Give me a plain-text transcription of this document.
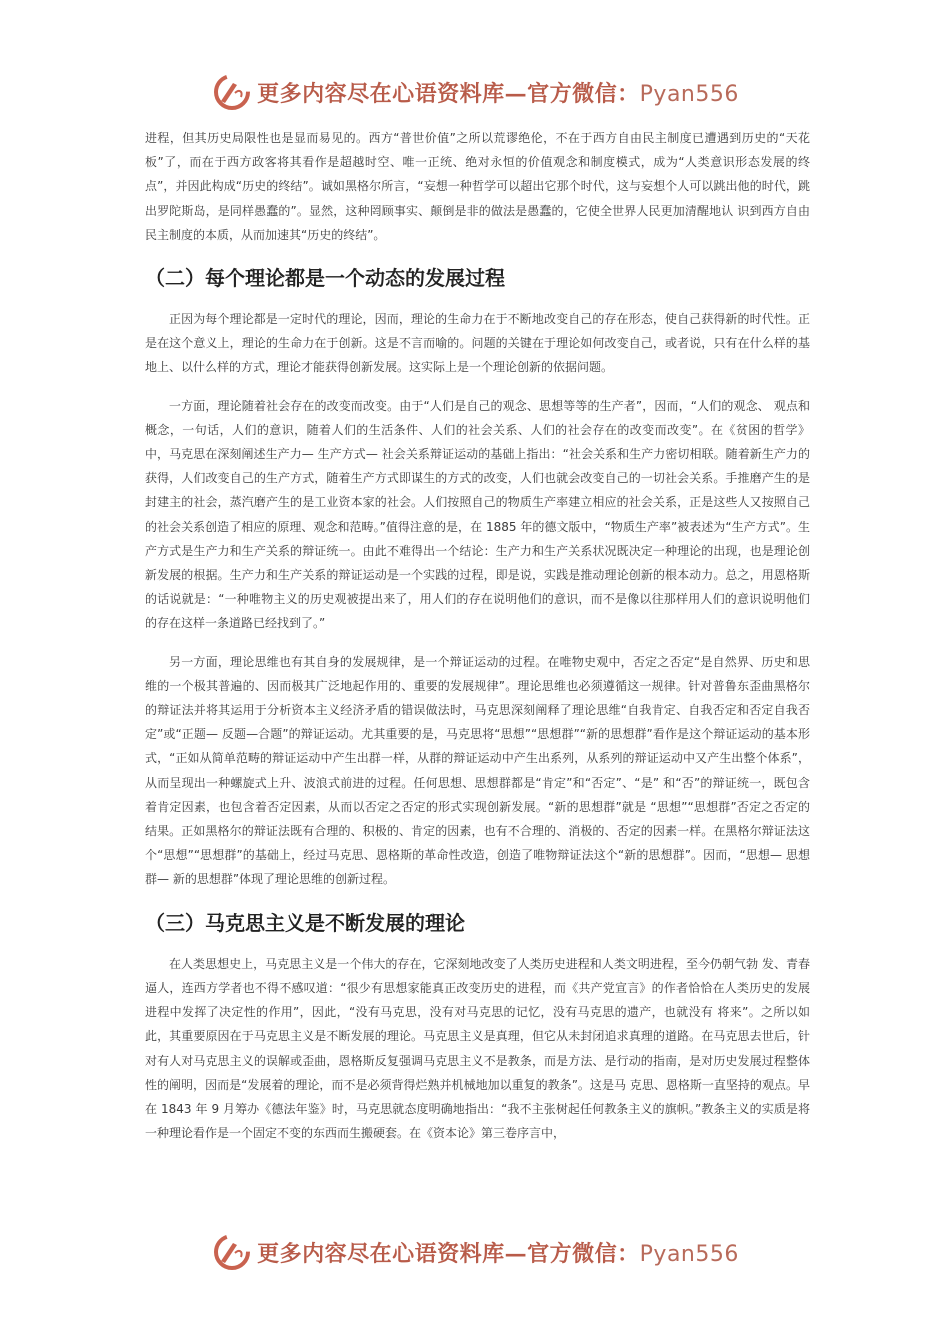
更多内容尽在心语资料库—官方微信：Pyan556

进程，但其历史局限性也是显而易见的。西方“普世价值”之所以荒谬绝伦，不在于西方自由民主制度已遭遇到历史的“天花板”了，而在于西方政客将其看作是超越时空、唯一正统、绝对永恒的价值观念和制度模式，成为“人类意识形态发展的终点”，并因此构成“历史的终结”。诚如黑格尔所言，“妄想一种哲学可以超出它那个时代，这与妄想个人可以跳出他的时代，跳出罗陀斯岛，是同样愚蠢的”。显然，这种罔顾事实、颠倒是非的做法是愚蠢的，它使全世界人民更加清醒地认 识到西方自由民主制度的本质，从而加速其“历史的终结”。

（二）每个理论都是一个动态的发展过程

正因为每个理论都是一定时代的理论，因而，理论的生命力在于不断地改变自己的存在形态，使自己获得新的时代性。正是在这个意义上，理论的生命力在于创新。这是不言而喻的。问题的关键在于理论如何改变自己，或者说，只有在什么样的基地上、以什么样的方式，理论才能获得创新发展。这实际上是一个理论创新的依据问题。

一方面，理论随着社会存在的改变而改变。由于“人们是自己的观念、思想等等的生产者”，因而，“人们的观念、 观点和概念，一句话，人们的意识，随着人们的生活条件、人们的社会关系、人们的社会存在的改变而改变”。在《贫困的哲学》中，马克思在深刻阐述生产力— 生产方式— 社会关系辩证运动的基础上指出：“社会关系和生产力密切相联。随着新生产力的获得，人们改变自己的生产方式，随着生产方式即谋生的方式的改变，人们也就会改变自己的一切社会关系。手推磨产生的是封建主的社会，蒸汽磨产生的是工业资本家的社会。人们按照自己的物质生产率建立相应的社会关系，正是这些人又按照自己的社会关系创造了相应的原理、观念和范畴。”值得注意的是，在 1885 年的德文版中，“物质生产率”被表述为“生产方式”。生产方式是生产力和生产关系的辩证统一。由此不难得出一个结论：生产力和生产关系状况既决定一种理论的出现，也是理论创新发展的根据。生产力和生产关系的辩证运动是一个实践的过程，即是说，实践是推动理论创新的根本动力。总之，用恩格斯的话说就是：“一种唯物主义的历史观被提出来了，用人们的存在说明他们的意识，而不是像以往那样用人们的意识说明他们的存在这样一条道路已经找到了。”

另一方面，理论思维也有其自身的发展规律，是一个辩证运动的过程。在唯物史观中，否定之否定“是自然界、历史和思维的一个极其普遍的、因而极其广泛地起作用的、重要的发展规律”。理论思维也必须遵循这一规律。针对普鲁东歪曲黑格尔的辩证法并将其运用于分析资本主义经济矛盾的错误做法时，马克思深刻阐释了理论思维“自我肯定、自我否定和否定自我否定”或“正题— 反题—合题”的辩证运动。尤其重要的是，马克思将“思想”“思想群”“新的思想群”看作是这个辩证运动的基本形式，“正如从简单范畴的辩证运动中产生出群一样，从群的辩证运动中产生出系列，从系列的辩证运动中又产生出整个体系”，从而呈现出一种螺旋式上升、波浪式前进的过程。任何思想、思想群都是“肯定”和“否定”、“是” 和“否”的辩证统一，既包含着肯定因素，也包含着否定因素，从而以否定之否定的形式实现创新发展。“新的思想群”就是 “思想”“思想群”否定之否定的结果。正如黑格尔的辩证法既有合理的、积极的、肯定的因素，也有不合理的、消极的、否定的因素一样。在黑格尔辩证法这个“思想”“思想群”的基础上，经过马克思、恩格斯的革命性改造，创造了唯物辩证法这个“新的思想群”。因而，“思想— 思想群— 新的思想群”体现了理论思维的创新过程。

（三）马克思主义是不断发展的理论

在人类思想史上，马克思主义是一个伟大的存在，它深刻地改变了人类历史进程和人类文明进程，至今仍朝气勃 发、青春逼人，连西方学者也不得不感叹道：“很少有思想家能真正改变历史的进程，而《共产党宣言》的作者恰恰在人类历史的发展进程中发挥了决定性的作用”，因此，“没有马克思，没有对马克思的记忆，没有马克思的遗产，也就没有 将来”。之所以如此，其重要原因在于马克思主义是不断发展的理论。马克思主义是真理，但它从未封闭追求真理的道路。在马克思去世后，针对有人对马克思主义的误解或歪曲，恩格斯反复强调马克思主义不是教条，而是方法、是行动的指南，是对历史发展过程整体性的阐明，因而是“发展着的理论，而不是必须背得烂熟并机械地加以重复的教条”。这是马 克思、恩格斯一直坚持的观点。早在 1843 年 9 月筹办《德法年鉴》时，马克思就态度明确地指出：“我不主张树起任何教条主义的旗帜。”教条主义的实质是将一种理论看作是一个固定不变的东西而生搬硬套。在《资本论》第三卷序言中，

更多内容尽在心语资料库—官方微信：Pyan556
